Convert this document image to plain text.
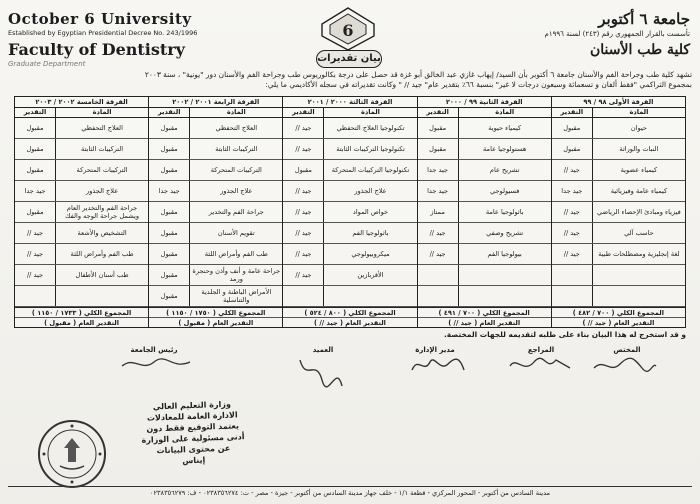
October 6 University
Established by Egyptian Presidential Decree No. 243/1996
Faculty of Dentistry
Graduate Department
6
جامعة ٦ أكتوبر
تأسست بالقرار الجمهوري رقم (٢٤٣) لسنة ١٩٩٦م
كلية طب الأسنان
بيان تقديرات
تشهد كلية طب وجراحة الفم والأسنان جامعة ٦ أكتوبر بأن السيد/ إيهاب غازي عبد الخالق أبو غزة قد حصل على درجة بكالوريوس طب وجراحة الفم والأسنان دور "يونية" ، سنة ٢٠٠٣
بمجموع التراكمي "فقط ألفان و تسعمائة وسبعون درجات لا غير" بنسبة ٦٦٪ بتقدير عام" جيد // " وكانت تقديراته في سجله الأكاديمي ما يلي:
الفرقة الأولى ٩٨ / ٩٩
المادة
التقدير
حيوان
مقبول
النبات والوراثة
مقبول
كيمياء عضوية
جيد //
كيمياء عامة وفيزيائية
جيد جدا
فيزياء ومبادئ الإحصاء الرياضي
جيد //
حاسب آلي
جيد //
لغة إنجليزية ومصطلحات طبية
جيد //
المجموع الكلي ( ٧٠٠ / ٤٨٢ )
التقدير العام ( جيد // )
الفرقة الثانية ٩٩ / ٢٠٠٠
المادة
التقدير
كيمياء حيوية
مقبول
هستولوجيا عامة
مقبول
تشريح عام
جيد جدا
فسيولوجي
جيد جدا
باثولوجيا عامة
ممتاز
تشريح وصفي
جيد //
بيولوجيا الفم
جيد //
المجموع الكلي ( ٧٠٠ / ٤٩١ )
التقدير العام ( جيد // )
الفرقة الثالثة ٢٠٠٠ / ٢٠٠١
المادة
التقدير
تكنولوجيا العلاج التحفظي
جيد //
تكنولوجيا التركيبات الثابتة
جيد //
تكنولوجيا التركيبات المتحركة
مقبول
علاج الجذور
جيد //
خواص المواد
جيد //
باثولوجيا الفم
جيد //
ميكروبيولوجي
جيد //
الأقربازين
جيد //
المجموع الكلي ( ٨٠٠ / ٥٢٤ )
التقدير العام ( جيد // )
الفرقة الرابعة ٢٠٠١ / ٢٠٠٢
المادة
التقدير
العلاج التحفظي
مقبول
التركيبات الثابتة
مقبول
التركيبات المتحركة
مقبول
علاج الجذور
جيد جدا
جراحة الفم والتخدير
مقبول
تقويم الأسنان
مقبول
طب الفم وأمراض اللثة
مقبول
جراحة عامة و أنف وأذن وحنجرة ورمد
مقبول
الأمراض الباطنة و الجلدية والتناسلية
مقبول
المجموع الكلي ( ١٧٥٠ / ١١٥٠ )
التقدير العام ( مقبول )
الفرقة الخامسة ٢٠٠٢ / ٢٠٠٣
المادة
التقدير
العلاج التحفظي
مقبول
التركيبات الثابتة
مقبول
التركيبات المتحركة
مقبول
علاج الجذور
جيد جدا
جراحة الفم والتخدير العام ويشمل جراحة الوجه والفك
مقبول
التشخيص والأشعة
جيد //
طب الفم وأمراض اللثة
جيد //
طب أسنان الأطفال
جيد //
المجموع الكلي ( ١٧٣٣ / ١١٥٠ )
التقدير العام ( مقبول )
و قد استخرج له هذا البيان بناء على طلبه لتقديمه للجهات المختصة.
المختص
المراجع
مدير الإدارة
العميد
رئيس الجامعة
وزارة التعليم العالي
الادارة العامة للمعادلات
يعتمد التوقيع فقط دون
أدنى مسئولية على الوزارة
عن محتوى البيانات
إيناس
مدينة السادس من أكتوبر - المحور المركزي - قطعة ١/١ - خلف جهاز مدينة السادس من أكتوبر - جيزة - مصر - ت: ٠٢٣٨٣٥٦٢٧٤ - ف: ٠٢٣٨٣٥٦٢٧٩
